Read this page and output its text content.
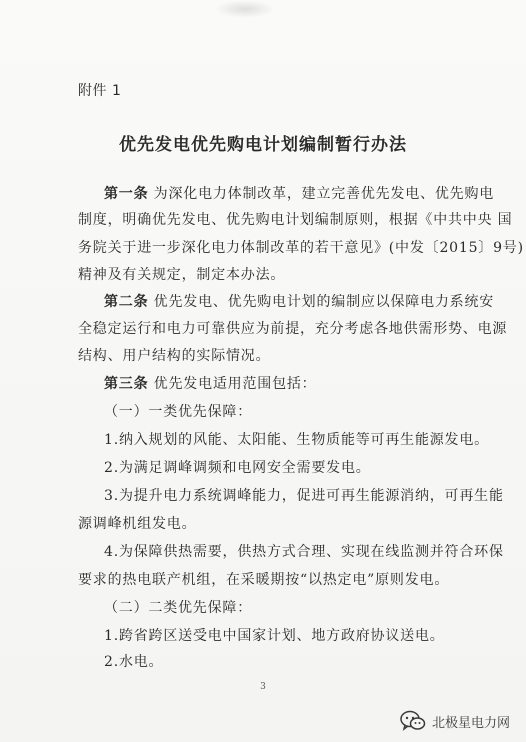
附件 1
优先发电优先购电计划编制暂行办法
第一条 为深化电力体制改革，建立完善优先发电、优先购电
制度，明确优先发电、优先购电计划编制原则，根据《中共中央 国
务院关于进一步深化电力体制改革的若干意见》(中发〔2015〕9号)
精神及有关规定，制定本办法。
第二条 优先发电、优先购电计划的编制应以保障电力系统安
全稳定运行和电力可靠供应为前提，充分考虑各地供需形势、电源
结构、用户结构的实际情况。
第三条 优先发电适用范围包括：
（一）一类优先保障：
1.纳入规划的风能、太阳能、生物质能等可再生能源发电。
2.为满足调峰调频和电网安全需要发电。
3.为提升电力系统调峰能力，促进可再生能源消纳，可再生能
源调峰机组发电。
4.为保障供热需要，供热方式合理、实现在线监测并符合环保
要求的热电联产机组，在采暖期按“以热定电”原则发电。
（二）二类优先保障：
1.跨省跨区送受电中国家计划、地方政府协议送电。
2.水电。
3
北极星电力网
